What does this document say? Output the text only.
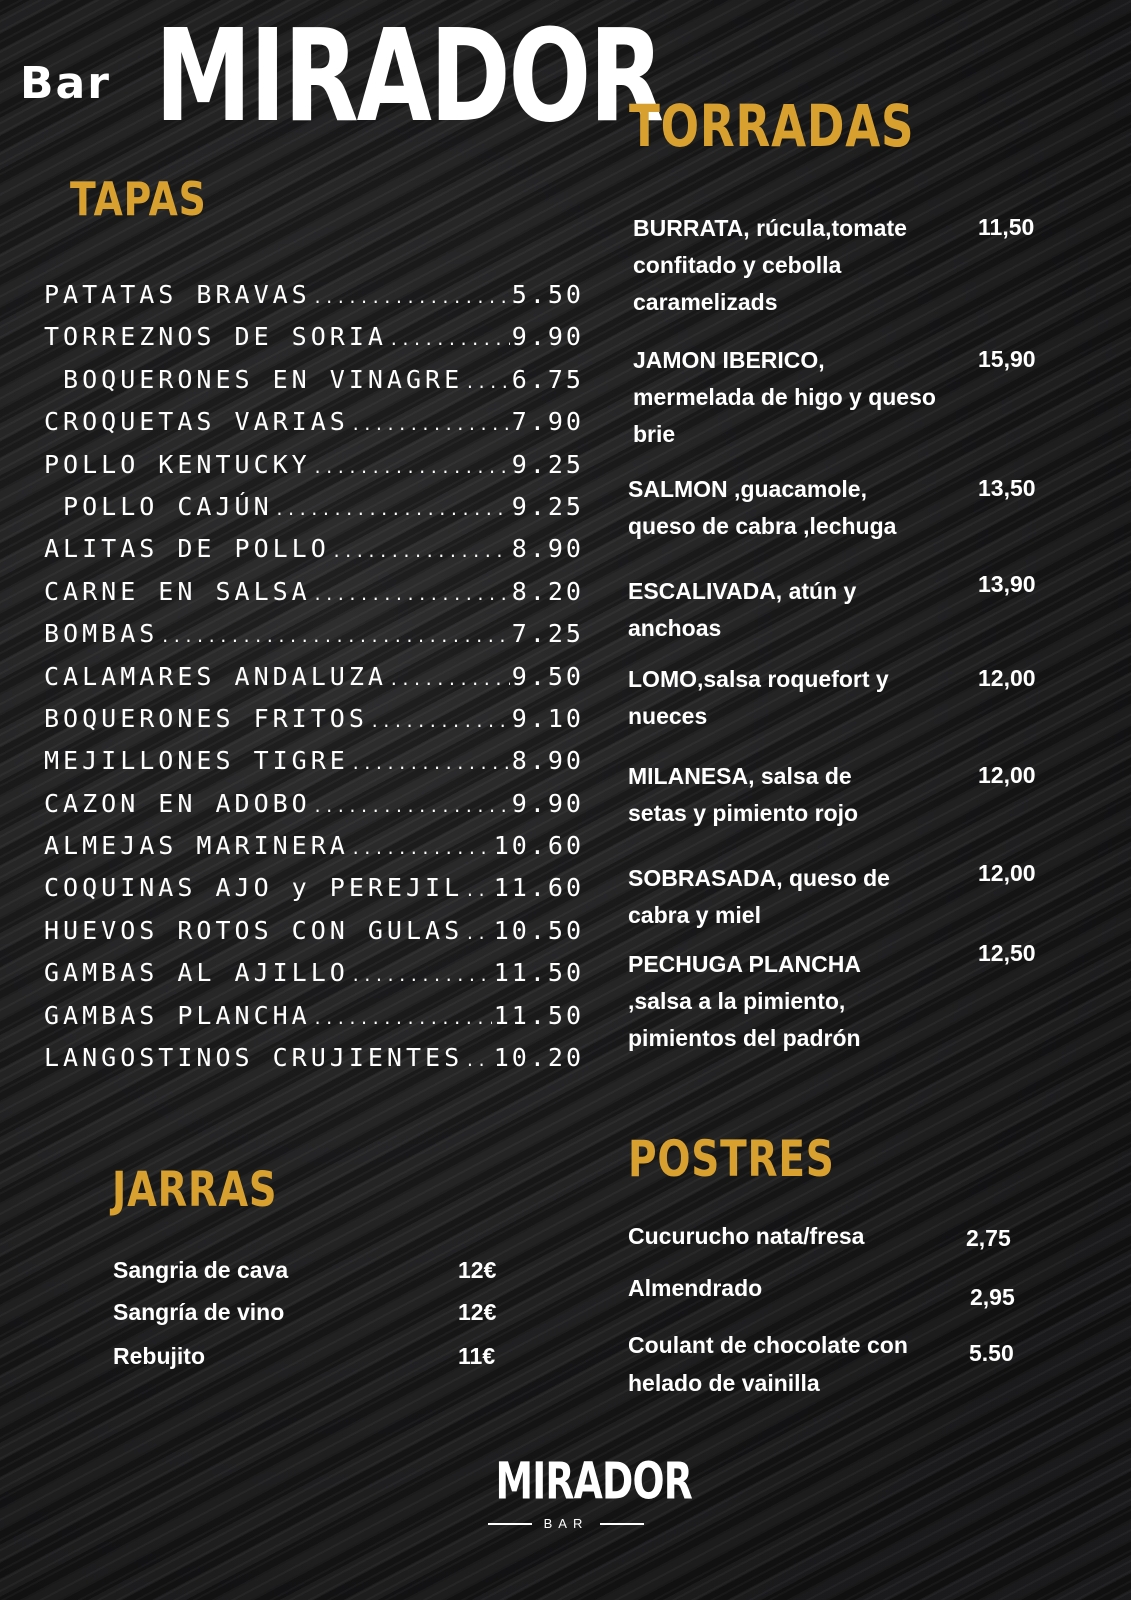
Bar MIRADOR
TAPAS
PATATAS BRAVAS .....	5.50
TORREZNOS DE SORIA .....	9.90
BOQUERONES EN VINAGRE ..... 6.75
CROQUETAS VARIAS .....	7.90
POLLO KENTUCKY .....	9.25
POLLO CAJÚN .....	9.25
ALITAS DE POLLO .....	8.90
CARNE EN SALSA .....	8.20
BOMBAS .....	7.25
CALAMARES ANDALUZA .....	9.50
BOQUERONES FRITOS .....	9.10
MEJILLONES TIGRE .....	8.90
CAZON EN ADOBO .....	9.90
ALMEJAS MARINERA .....	10.60
COQUINAS AJO y PEREJIL ..... 11.60
HUEVOS ROTOS CON GULAS ..... 10.50
GAMBAS AL AJILLO .....	11.50
GAMBAS PLANCHA .....	11.50
LANGOSTINOS CRUJIENTES ..... 10.20
TORRADAS
BURRATA, rúcula,tomate confitado y cebolla caramelizads
11,50
JAMON IBERICO, mermelada de higo y queso brie
15,90
SALMON ,guacamole, queso de cabra ,lechuga
13,50
ESCALIVADA, atún y anchoas
13,90
LOMO,salsa roquefort y nueces
12,00
MILANESA, salsa de setas y pimiento rojo
12,00
SOBRASADA, queso de cabra y miel
12,00
PECHUGA PLANCHA ,salsa a la pimiento, pimientos del padrón
12,50
JARRAS
Sangria de cava	12€
Sangría de vino	12€
Rebujito	11€
POSTRES
Cucurucho nata/fresa	2,75
Almendrado	2,95
Coulant de chocolate con helado de vainilla
5.50
MIRADOR
BAR
